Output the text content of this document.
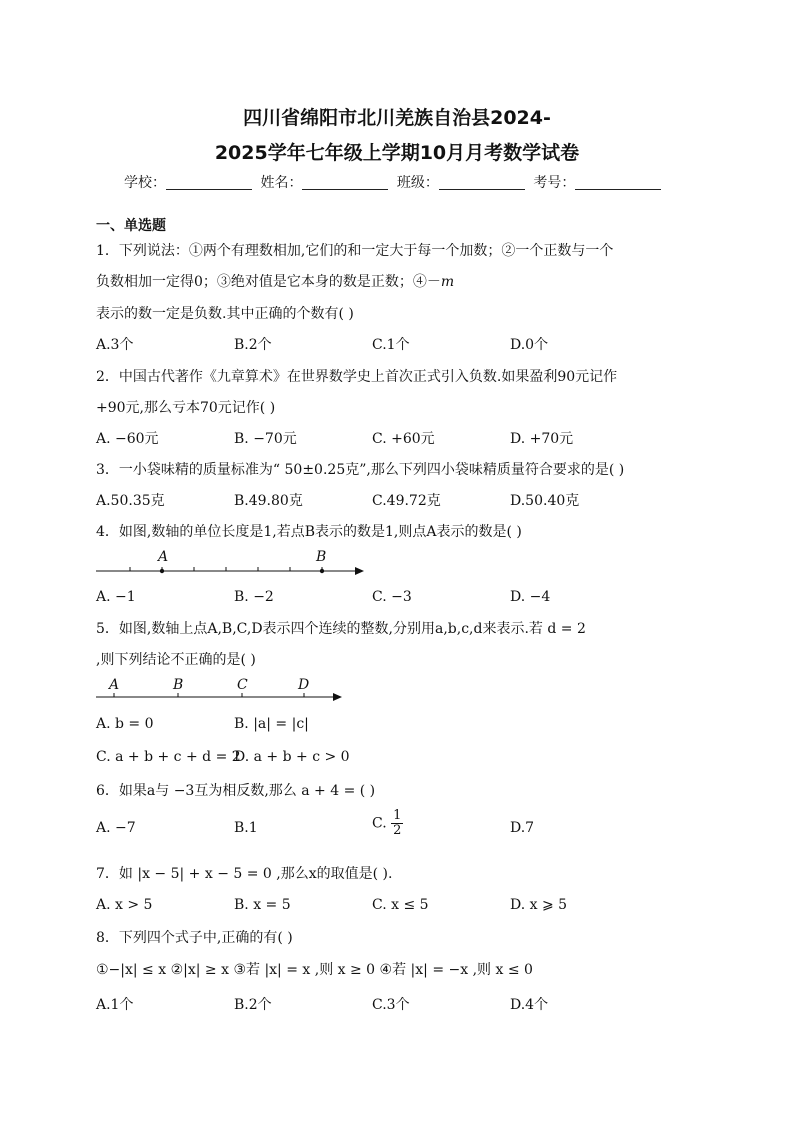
四川省绵阳市北川羌族自治县2024-
2025学年七年级上学期10月月考数学试卷
学校：	姓名：	班级：	考号：
一、单选题
1．下列说法：①两个有理数相加,它们的和一定大于每一个加数；②一个正数与一个
负数相加一定得0；③绝对值是它本身的数是正数；④－m
表示的数一定是负数.其中正确的个数有( )
A.3个	B.2个	C.1个	D.0个
2．中国古代著作《九章算术》在世界数学史上首次正式引入负数.如果盈利90元记作
+90元,那么亏本70元记作( )
A. −60元	B. −70元	C. +60元	D. +70元
3．一小袋味精的质量标准为“ 50±0.25克”,那么下列四小袋味精质量符合要求的是( )
A.50.35克	B.49.80克	C.49.72克	D.50.40克
4．如图,数轴的单位长度是1,若点B表示的数是1,则点A表示的数是( )
A	B
A. −1	B. −2	C. −3	D. −4
5．如图,数轴上点A,B,C,D表示四个连续的整数,分别用a,b,c,d来表示.若 d = 2
,则下列结论不正确的是( )
A	B	C	D
A. b = 0	B. |a| = |c|
C. a + b + c + d = 2
D. a + b + c > 0
6．如果a与 −3互为相反数,那么 a + 4 = ( )
A. −7	B.1	C. $\frac{1}{2}$	D.7
7．如 |x − 5| + x − 5 = 0 ,那么x的取值是( ).
A. x > 5	B. x = 5	C. x ≤ 5	D. x ⩾ 5
8．下列四个式子中,正确的有( )
①−|x| ≤ x ②|x| ≥ x ③若 |x| = x ,则 x ≥ 0 ④若 |x| = −x ,则 x ≤ 0
A.1个	B.2个	C.3个	D.4个
